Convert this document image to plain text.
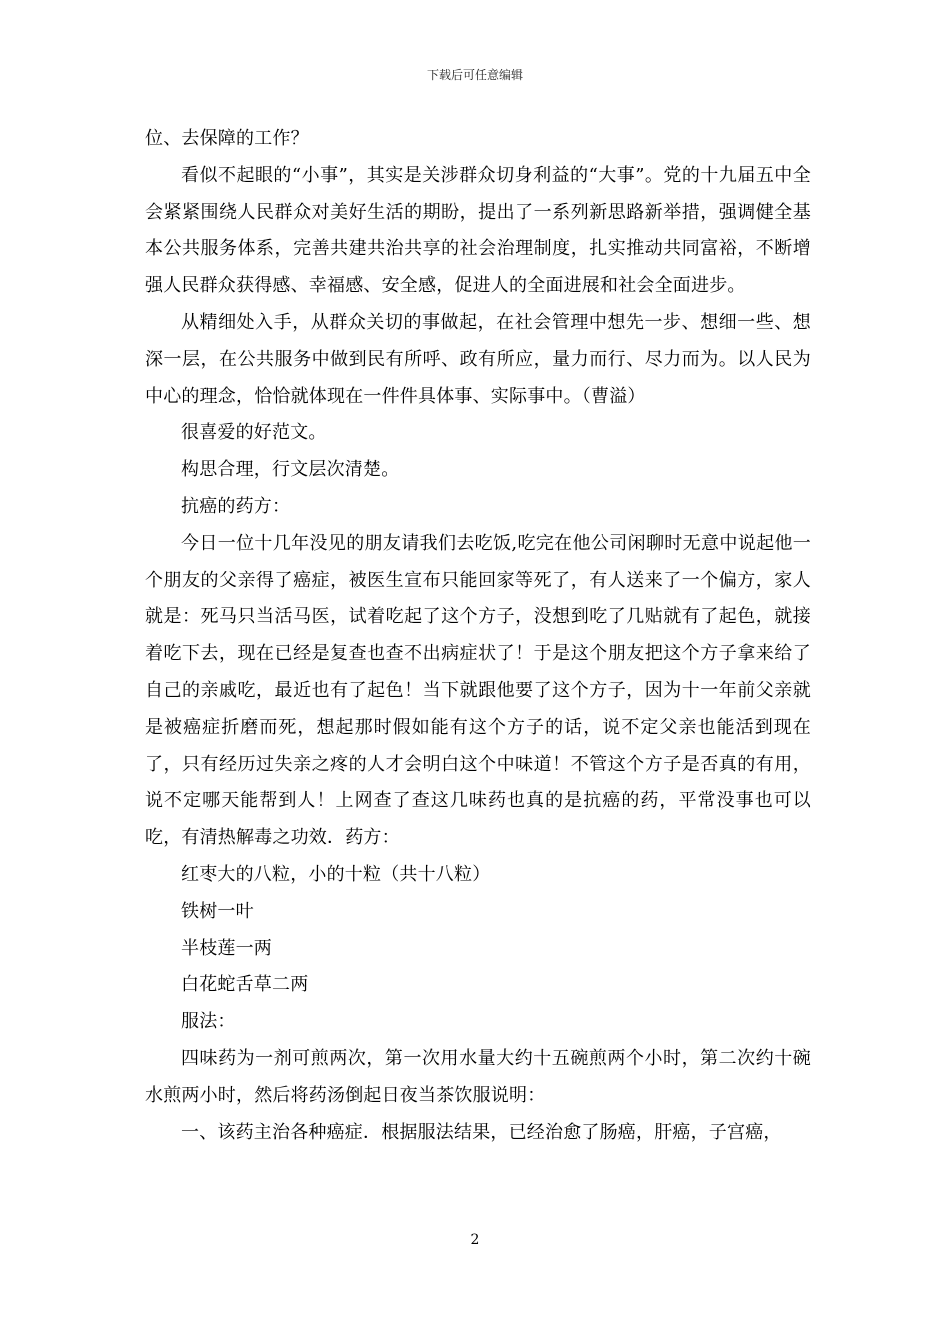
下载后可任意编辑

位、去保障的工作？

看似不起眼的“小事”，其实是关涉群众切身利益的“大事”。党的十九届五中全会紧紧围绕人民群众对美好生活的期盼，提出了一系列新思路新举措，强调健全基本公共服务体系，完善共建共治共享的社会治理制度，扎实推动共同富裕，不断增强人民群众获得感、幸福感、安全感，促进人的全面进展和社会全面进步。

从精细处入手，从群众关切的事做起，在社会管理中想先一步、想细一些、想深一层，在公共服务中做到民有所呼、政有所应，量力而行、尽力而为。以人民为中心的理念，恰恰就体现在一件件具体事、实际事中。（曹溢）

很喜爱的好范文。

构思合理，行文层次清楚。

抗癌的药方：

今日一位十几年没见的朋友请我们去吃饭,吃完在他公司闲聊时无意中说起他一个朋友的父亲得了癌症，被医生宣布只能回家等死了，有人送来了一个偏方，家人就是：死马只当活马医，试着吃起了这个方子，没想到吃了几贴就有了起色，就接着吃下去，现在已经是复查也查不出病症状了！于是这个朋友把这个方子拿来给了自己的亲戚吃，最近也有了起色！当下就跟他要了这个方子，因为十一年前父亲就是被癌症折磨而死，想起那时假如能有这个方子的话，说不定父亲也能活到现在了，只有经历过失亲之疼的人才会明白这个中味道！不管这个方子是否真的有用，说不定哪天能帮到人！上网查了查这几味药也真的是抗癌的药，平常没事也可以吃，有清热解毒之功效．药方：

红枣大的八粒，小的十粒（共十八粒）

铁树一叶

半枝莲一两

白花蛇舌草二两

服法：

四味药为一剂可煎两次，第一次用水量大约十五碗煎两个小时，第二次约十碗水煎两小时，然后将药汤倒起日夜当茶饮服说明：

一、该药主治各种癌症．根据服法结果，已经治愈了肠癌，肝癌，子宫癌，

2
